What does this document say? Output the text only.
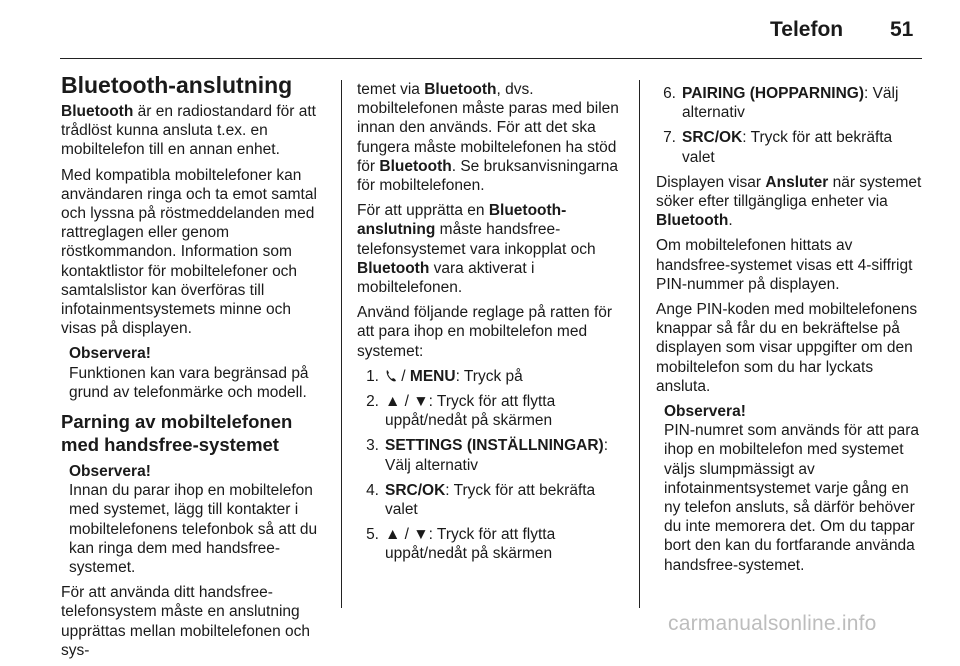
Telefon 51
Bluetooth-anslutning

Bluetooth är en radiostandard för att trådlöst kunna ansluta t.ex. en mobiltelefon till en annan enhet.

Med kompatibla mobiltelefoner kan användaren ringa och ta emot samtal och lyssna på röstmeddelanden med rattreglagen eller genom röstkommandon. Information som kontaktlistor för mobiltelefoner och samtalslistor kan överföras till infotainmentsystemets minne och visas på displayen.

Observera!
Funktionen kan vara begränsad på grund av telefonmärke och modell.
Parning av mobiltelefonen med handsfree-systemet
Observera!
Innan du parar ihop en mobiltelefon med systemet, lägg till kontakter i mobiltelefonens telefonbok så att du kan ringa dem med handsfree-systemet.

För att använda ditt handsfree-telefonsystem måste en anslutning upprättas mellan mobiltelefonen och sys-

temet via Bluetooth, dvs. mobiltelefonen måste paras med bilen innan den används. För att det ska fungera måste mobiltelefonen ha stöd för Bluetooth. Se bruksanvisningarna för mobiltelefonen.

För att upprätta en Bluetooth-anslutning måste handsfree-telefonsystemet vara inkopplat och Bluetooth vara aktiverat i mobiltelefonen.

Använd följande reglage på ratten för att para ihop en mobiltelefon med systemet:

1.	/ MENU: Tryck på
2. ▲ / ▼: Tryck för att flytta uppåt/nedåt på skärmen
3. SETTINGS (INSTÄLLNINGAR): Välj alternativ
4. SRC/OK: Tryck för att bekräfta valet
5. ▲ / ▼: Tryck för att flytta uppåt/nedåt på skärmen
6. PAIRING (HOPPARNING): Välj alternativ
7. SRC/OK: Tryck för att bekräfta valet

Displayen visar Ansluter när systemet söker efter tillgängliga enheter via Bluetooth.

Om mobiltelefonen hittats av handsfree-systemet visas ett 4-siffrigt PIN-nummer på displayen.

Ange PIN-koden med mobiltelefonens knappar så får du en bekräftelse på displayen som visar uppgifter om den mobiltelefon som du har lyckats ansluta.

Observera!
PIN-numret som används för att para ihop en mobiltelefon med systemet väljs slumpmässigt av infotainmentsystemet varje gång en ny telefon ansluts, så därför behöver du inte memorera det. Om du tappar bort den kan du fortfarande använda handsfree-systemet.
carmanualsonline.info
